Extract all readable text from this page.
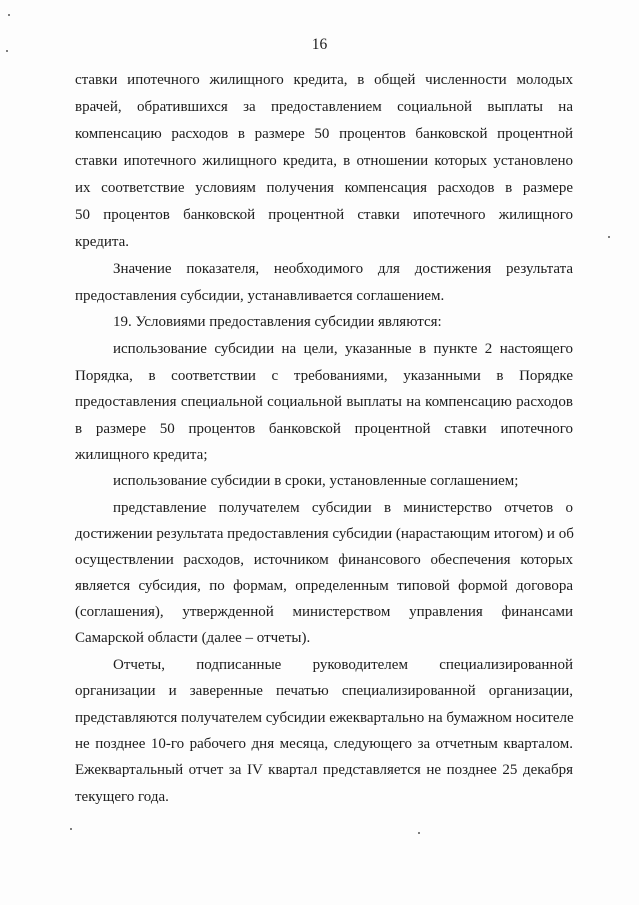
16
ставки ипотечного жилищного кредита, в общей численности молодых
врачей, обратившихся за предоставлением социальной выплаты на
компенсацию расходов в размере 50 процентов банковской процентной
ставки ипотечного жилищного кредита, в отношении которых установлено
их соответствие условиям получения компенсация расходов в размере
50 процентов банковской процентной ставки ипотечного жилищного
кредита.
Значение показателя, необходимого для достижения результата
предоставления субсидии, устанавливается соглашением.
19. Условиями предоставления субсидии являются:
использование субсидии на цели, указанные в пункте 2 настоящего
Порядка, в соответствии с требованиями, указанными в Порядке
предоставления специальной социальной выплаты на компенсацию расходов
в размере 50 процентов банковской процентной ставки ипотечного
жилищного кредита;
использование субсидии в сроки, установленные соглашением;
представление получателем субсидии в министерство отчетов о
достижении результата предоставления субсидии (нарастающим итогом) и об
осуществлении расходов, источником финансового обеспечения которых
является субсидия, по формам, определенным типовой формой договора
(соглашения), утвержденной министерством управления финансами
Самарской области (далее – отчеты).
Отчеты, подписанные руководителем специализированной
организации и заверенные печатью специализированной организации,
представляются получателем субсидии ежеквартально на бумажном носителе
не позднее 10-го рабочего дня месяца, следующего за отчетным кварталом.
Ежеквартальный отчет за IV квартал представляется не позднее 25 декабря
текущего года.
